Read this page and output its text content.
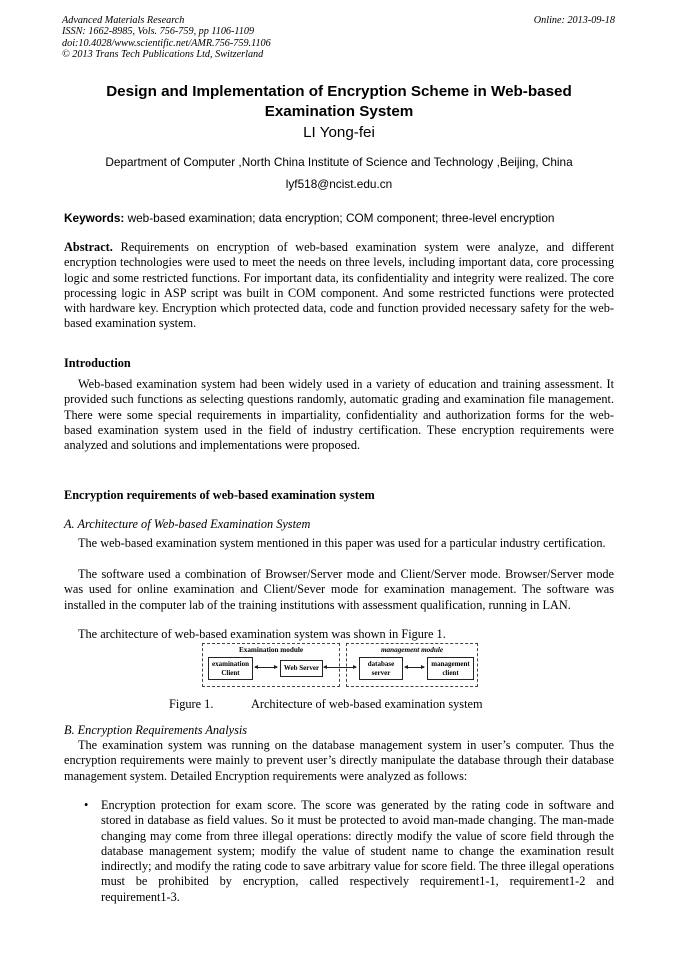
Advanced Materials Research
ISSN: 1662-8985, Vols. 756-759, pp 1106-1109
doi:10.4028/www.scientific.net/AMR.756-759.1106
© 2013 Trans Tech Publications Ltd, Switzerland
Online: 2013-09-18
Design and Implementation of Encryption Scheme in Web-based
Examination System
LI Yong-fei
Department of Computer ,North China Institute of Science and Technology ,Beijing, China
lyf518@ncist.edu.cn
Keywords: web-based examination; data encryption; COM component; three-level encryption
Abstract. Requirements on encryption of web-based examination system were analyze, and different encryption technologies were used to meet the needs on three levels, including important data, core processing logic and some restricted functions. For important data, its confidentiality and integrity were realized. The core processing logic in ASP script was built in COM component. And some restricted functions were protected with hardware key. Encryption which protected data, code and function provided necessary safety for the web-based examination system.
Introduction
Web-based examination system had been widely used in a variety of education and training assessment. It provided such functions as selecting questions randomly, automatic grading and examination file management. There were some special requirements in impartiality, confidentiality and authorization forms for the web-based examination system used in the field of industry certification. These encryption requirements were analyzed and solutions and implementations were proposed.
Encryption requirements of web-based examination system
A. Architecture of Web-based Examination System
The web-based examination system mentioned in this paper was used for a particular industry certification.
The software used a combination of Browser/Server mode and Client/Server mode. Browser/Server mode was used for online examination and Client/Sever mode for examination management. The software was installed in the computer lab of the training institutions with assessment qualification, running in LAN.
The architecture of web-based examination system was shown in Figure 1.
Examination module	management module
examination
Client
Web Server
database
server
management
client
Figure 1.	Architecture of web-based examination system
B. Encryption Requirements Analysis
The examination system was running on the database management system in user’s computer. Thus the encryption requirements were mainly to prevent user’s directly manipulate the database through their database management system. Detailed Encryption requirements were analyzed as follows:
• Encryption protection for exam score. The score was generated by the rating code in software and stored in database as field values. So it must be protected to avoid man-made changing. The man-made changing may come from three illegal operations: directly modify the value of score field through the database management system; modify the value of student name to change the examination result indirectly; and modify the rating code to save arbitrary value for score field. The three illegal operations must be prohibited by encryption, called respectively requirement1-1, requirement1-2 and requirement1-3.
